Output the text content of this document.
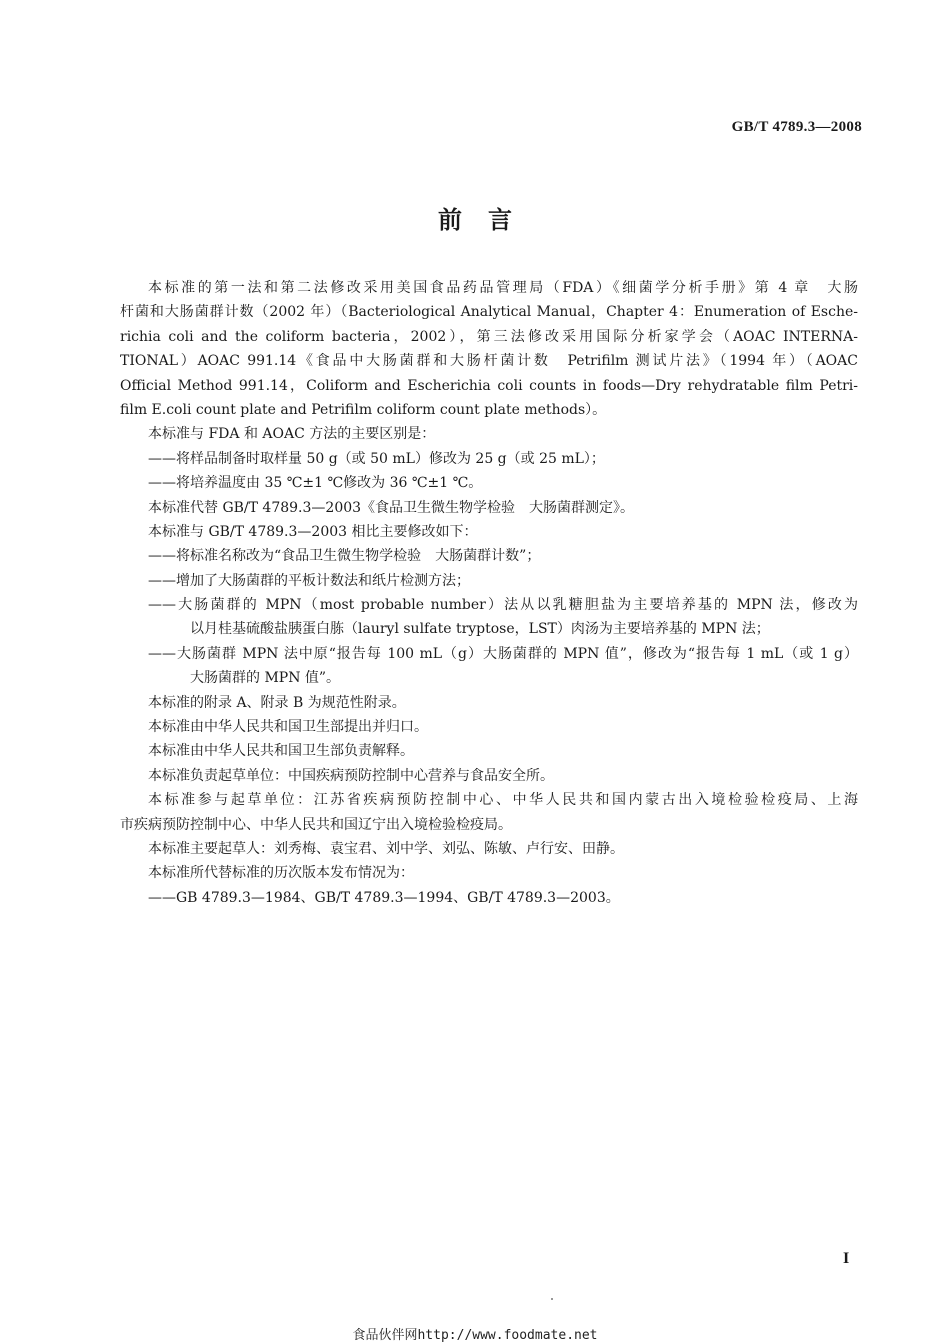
GB/T 4789.3—2008
前言
本标准的第一法和第二法修改采用美国食品药品管理局（FDA）《细菌学分析手册》第 4 章　大肠
杆菌和大肠菌群计数（2002 年）（Bacteriological Analytical Manual，Chapter 4：Enumeration of Esche-
richia coli and the coliform bacteria，2002），第三法修改采用国际分析家学会（AOAC INTERNA-
TIONAL）AOAC 991.14《食品中大肠菌群和大肠杆菌计数　Petrifilm 测试片法》（1994 年）（AOAC
Official Method 991.14，Coliform and Escherichia coli counts in foods—Dry rehydratable film Petri-
film E.coli count plate and Petrifilm coliform count plate methods）。
本标准与 FDA 和 AOAC 方法的主要区别是：
——将样品制备时取样量 50 g（或 50 mL）修改为 25 g（或 25 mL）；
——将培养温度由 35 ℃±1 ℃修改为 36 ℃±1 ℃。
本标准代替 GB/T 4789.3—2003《食品卫生微生物学检验　大肠菌群测定》。
本标准与 GB/T 4789.3—2003 相比主要修改如下：
——将标准名称改为“食品卫生微生物学检验　大肠菌群计数”；
——增加了大肠菌群的平板计数法和纸片检测方法；
——大肠菌群的 MPN（most probable number）法从以乳糖胆盐为主要培养基的 MPN 法，修改为
以月桂基硫酸盐胰蛋白胨（lauryl sulfate tryptose，LST）肉汤为主要培养基的 MPN 法；
——大肠菌群 MPN 法中原“报告每 100 mL（g）大肠菌群的 MPN 值”，修改为“报告每 1 mL（或 1 g）
大肠菌群的 MPN 值”。
本标准的附录 A、附录 B 为规范性附录。
本标准由中华人民共和国卫生部提出并归口。
本标准由中华人民共和国卫生部负责解释。
本标准负责起草单位：中国疾病预防控制中心营养与食品安全所。
本标准参与起草单位：江苏省疾病预防控制中心、中华人民共和国内蒙古出入境检验检疫局、上海
市疾病预防控制中心、中华人民共和国辽宁出入境检验检疫局。
本标准主要起草人：刘秀梅、袁宝君、刘中学、刘弘、陈敏、卢行安、田静。
本标准所代替标准的历次版本发布情况为：
——GB 4789.3—1984、GB/T 4789.3—1994、GB/T 4789.3—2003。
I
食品伙伴网http://www.foodmate.net
